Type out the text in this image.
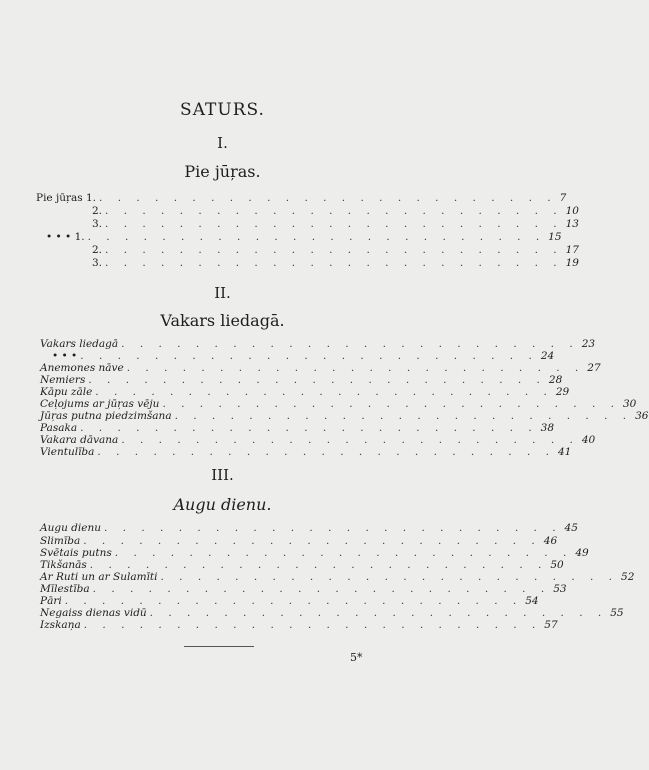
SATURS.
I.
Pie jūŗas.
Pie jūŗas 1. . . . . . . . . . . . . . . . . . . . . . . . . . 7
2. . . . . . . . . . . . . . . . . . . . . . . . . . 10
3. . . . . . . . . . . . . . . . . . . . . . . . . . 13
• • • 1. . . . . . . . . . . . . . . . . . . . . . . . . . 15
2. . . . . . . . . . . . . . . . . . . . . . . . . . 17
3. . . . . . . . . . . . . . . . . . . . . . . . . . 19
II.
Vakars liedagā.
Vakars liedagā . . . . . . . . . . . . . . . . . . . . . . . . . 23
• • • . . . . . . . . . . . . . . . . . . . . . . . . . 24
Anemones nāve . . . . . . . . . . . . . . . . . . . . . . . . . 27
Nemiers . . . . . . . . . . . . . . . . . . . . . . . . . 28
Kāpu zāle . . . . . . . . . . . . . . . . . . . . . . . . . 29
Ceļojums ar jūŗas vēju . . . . . . . . . . . . . . . . . . . . . . . . . 30
Jūŗas putna piedzimšana . . . . . . . . . . . . . . . . . . . . . . . . . 36
Pasaka . . . . . . . . . . . . . . . . . . . . . . . . . 38
Vakara dāvana . . . . . . . . . . . . . . . . . . . . . . . . . 40
Vientulība . . . . . . . . . . . . . . . . . . . . . . . . . 41
III.
Augu dienu.
Augu dienu . . . . . . . . . . . . . . . . . . . . . . . . . 45
Slimība . . . . . . . . . . . . . . . . . . . . . . . . . 46
Svētais putns . . . . . . . . . . . . . . . . . . . . . . . . . 49
Tikšanās . . . . . . . . . . . . . . . . . . . . . . . . . 50
Ar Ruti un ar Sulamīti . . . . . . . . . . . . . . . . . . . . . . . . . 52
Mīlestība . . . . . . . . . . . . . . . . . . . . . . . . . 53
Pāri . . . . . . . . . . . . . . . . . . . . . . . . . 54
Negaiss dienas vidū . . . . . . . . . . . . . . . . . . . . . . . . . 55
Izskaņa . . . . . . . . . . . . . . . . . . . . . . . . . 57
5*
